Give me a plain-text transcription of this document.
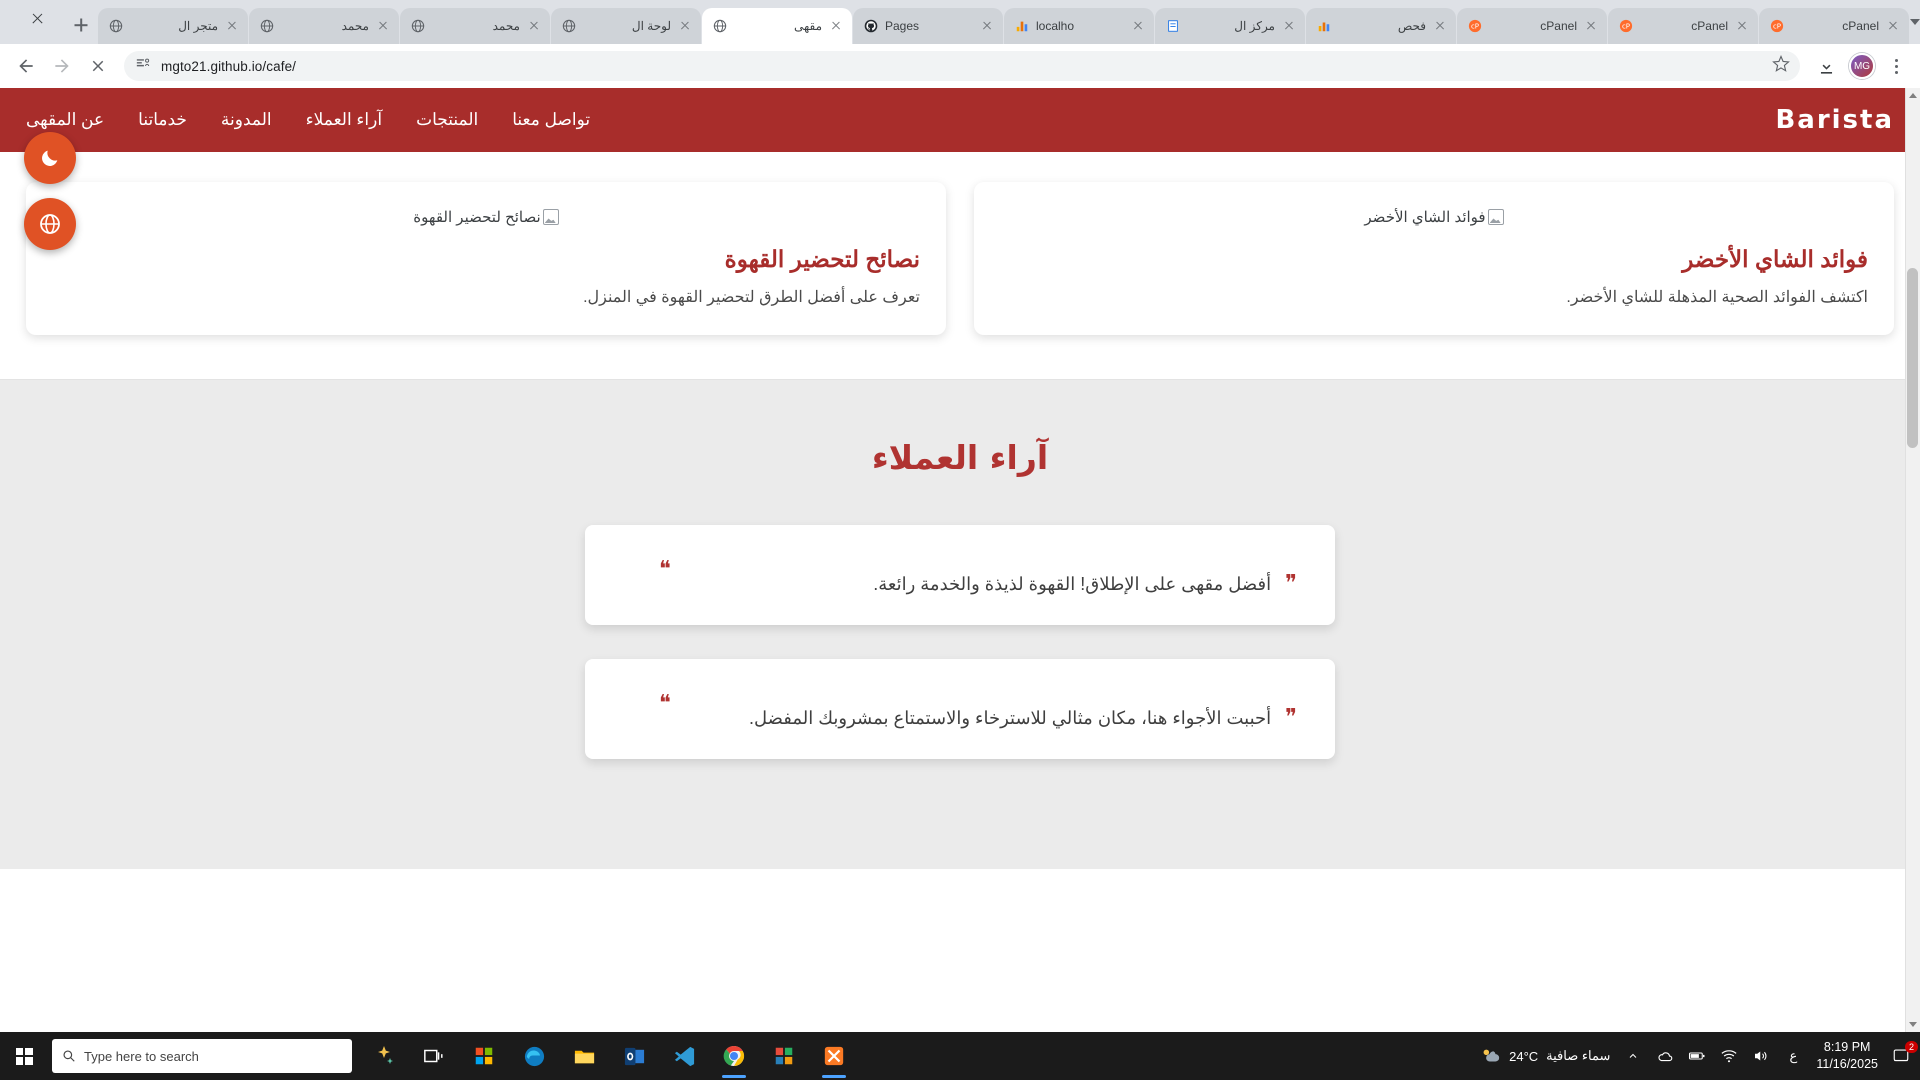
cP	cPanel
cP	cPanel
cP	cPanel
فحص
مركز ال
localho
Pages
مقهى
لوحة ال
محمد
محمد
متجر ال
mgto21.github.io/cafe/	MG
Barista
تواصل معنا
المنتجات
آراء العملاء
المدونة
خدماتنا
عن المقهى
فوائد الشاي الأخضر
فوائد الشاي الأخضر

اكتشف الفوائد الصحية المذهلة للشاي الأخضر.

نصائح لتحضير القهوة
نصائح لتحضير القهوة

تعرف على أفضل الطرق لتحضير القهوة في المنزل.

آراء العملاء
❝
❞
أفضل مقهى على الإطلاق! القهوة لذيذة والخدمة رائعة.
❝
❞
أحببت الأجواء هنا، مكان مثالي للاسترخاء والاستمتاع بمشروبك المفضل.
Type here to search	24°C سماء صافية	ع
8:19 PM
11/16/2025
2
